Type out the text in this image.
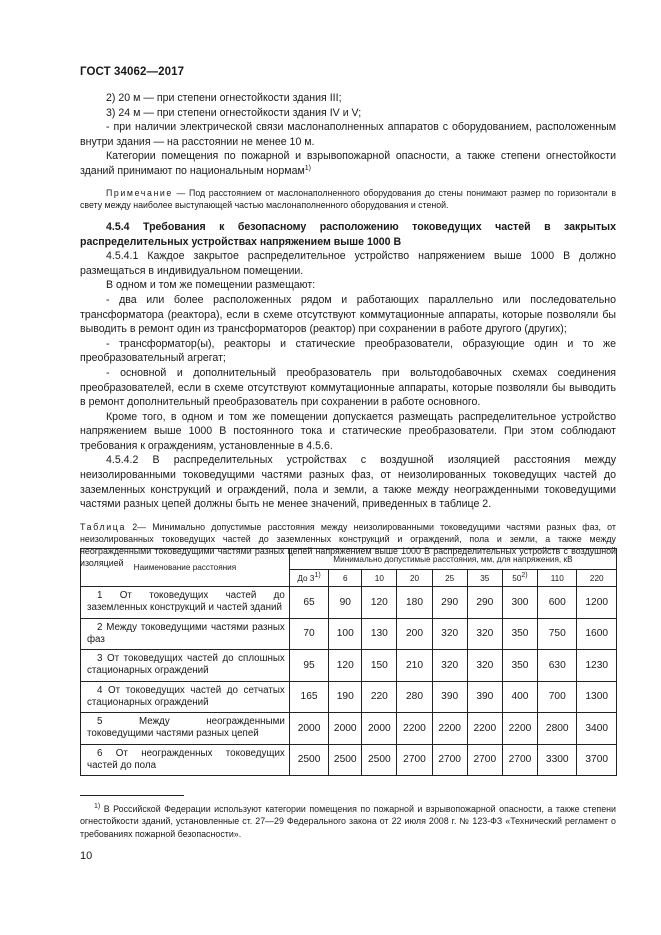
ГОСТ 34062—2017

2) 20 м — при степени огнестойкости здания III;

3) 24 м — при степени огнестойкости здания IV и V;

- при наличии электрической связи маслонаполненных аппаратов с оборудованием, расположенным внутри здания — на расстоянии не менее 10 м.

Категории помещения по пожарной и взрывопожарной опасности, а также степени огнестойкости зданий принимают по национальным нормам$^{1)}$

Примечание — Под расстоянием от маслонаполненного оборудования до стены понимают размер по горизонтали в свету между наиболее выступающей частью маслонаполненного оборудования и стеной.

4.5.4 Требования к безопасному расположению токоведущих частей в закрытых распределительных устройствах напряжением выше 1000 В

4.5.4.1 Каждое закрытое распределительное устройство напряжением выше 1000 В должно размещаться в индивидуальном помещении.

В одном и том же помещении размещают:

- два или более расположенных рядом и работающих параллельно или последовательно трансформатора (реактора), если в схеме отсутствуют коммутационные аппараты, которые позволяли бы выводить в ремонт один из трансформаторов (реактор) при сохранении в работе другого (других);

- трансформатор(ы), реакторы и статические преобразователи, образующие один и то же преобразовательный агрегат;

- основной и дополнительный преобразователь при вольтодобавочных схемах соединения преобразователей, если в схеме отсутствуют коммутационные аппараты, которые позволяли бы выводить в ремонт дополнительный преобразователь при сохранении в работе основного.

Кроме того, в одном и том же помещении допускается размещать распределительное устройство напряжением выше 1000 В постоянного тока и статические преобразователи. При этом соблюдают требования к ограждениям, установленные в 4.5.6.

4.5.4.2 В распределительных устройствах с воздушной изоляцией расстояния между неизолированными токоведущими частями разных фаз, от неизолированных токоведущих частей до заземленных конструкций и ограждений, пола и земли, а также между неогражденными токоведущими частями разных цепей должны быть не менее значений, приведенных в таблице 2.

Таблица 2— Минимально допустимые расстояния между неизолированными токоведущими частями разных фаз, от неизолированных токоведущих частей до заземленных конструкций и ограждений, пола и земли, а также между неогражденными токоведущими частями разных цепей напряжением выше 1000 В распределительных устройств с воздушной изоляцией	Наименование расстояния	Минимально допустимые расстояния, мм, для напряжения, кВ								
	До 3$^{1)}$	6	10	20	25	35	50$^{2)}$	110	220

1 От токоведущих частей до заземленных конструкций и частей зданий	65	90	120	180	290	290	300	600	1200

2 Между токоведущими частями разных фаз	70	100	130	200	320	320	350	750	1600

3 От токоведущих частей до сплошных стационарных ограждений	95	120	150	210	320	320	350	630	1230

4 От токоведущих частей до сетчатых стационарных ограждений	165	190	220	280	390	390	400	700	1300

5 Между неогражденными токоведущими частями разных цепей	2000	2000	2000	2200	2200	2200	2200	2800	3400

6 От неогражденных токоведущих частей до пола	2500	2500	2500	2700	2700	2700	2700	3300	3700

$^{1)}$ В Российской Федерации используют категории помещения по пожарной и взрывопожарной опасности, а также степени огнестойкости зданий, установленные ст. 27—29 Федерального закона от 22 июля 2008 г. № 123-ФЗ «Технический регламент о требованиях пожарной безопасности».

10
